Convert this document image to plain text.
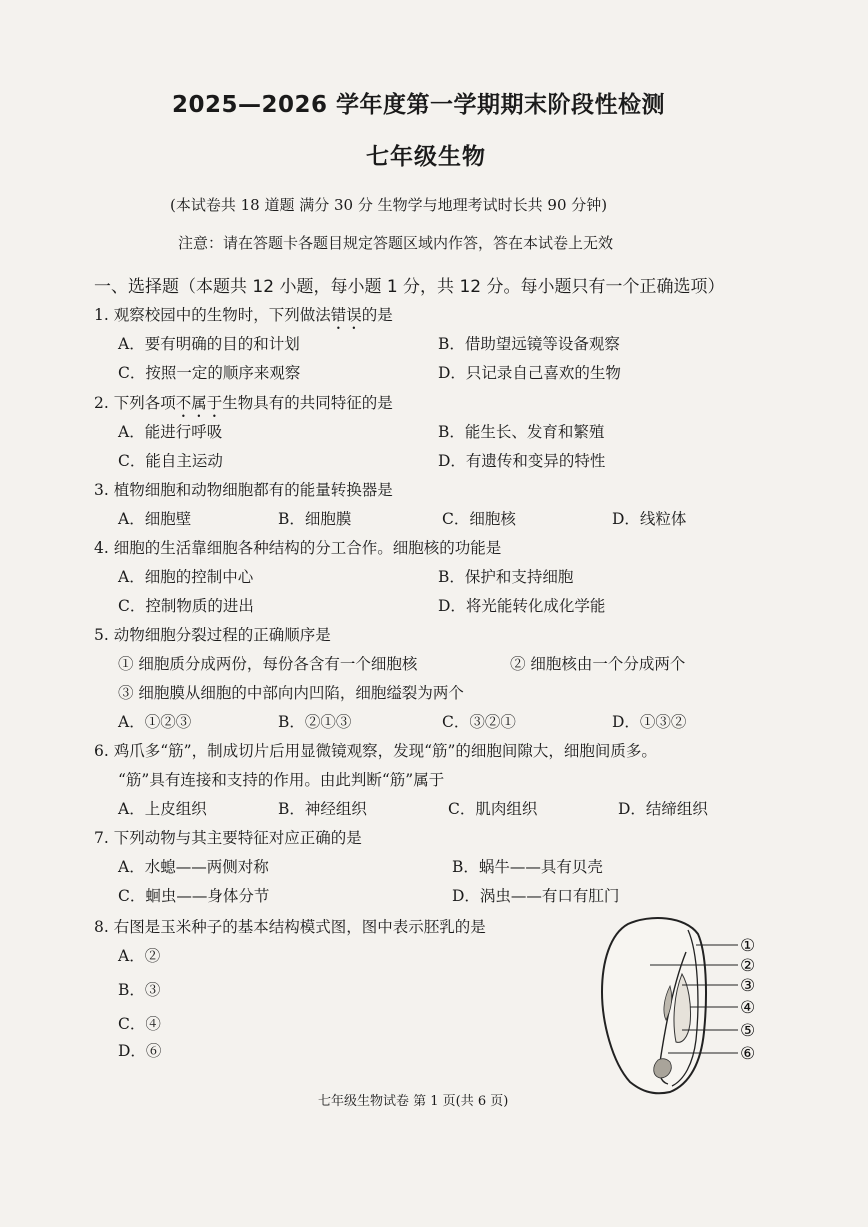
2025—2026 学年度第一学期期末阶段性检测
七年级生物
(本试卷共 18 道题 满分 30 分 生物学与地理考试时长共 90 分钟)
注意：请在答题卡各题目规定答题区域内作答，答在本试卷上无效
一、选择题（本题共 12 小题，每小题 1 分，共 12 分。每小题只有一个正确选项）
1. 观察校园中的生物时，下列做法错误的是
A．要有明确的目的和计划	B．借助望远镜等设备观察
C．按照一定的顺序来观察	D．只记录自己喜欢的生物
2. 下列各项不属于生物具有的共同特征的是
A．能进行呼吸	B．能生长、发育和繁殖
C．能自主运动	D．有遗传和变异的特性
3. 植物细胞和动物细胞都有的能量转换器是
A．细胞壁	B．细胞膜	C．细胞核	D．线粒体
4. 细胞的生活靠细胞各种结构的分工合作。细胞核的功能是
A．细胞的控制中心	B．保护和支持细胞
C．控制物质的进出	D．将光能转化成化学能
5. 动物细胞分裂过程的正确顺序是
① 细胞质分成两份，每份各含有一个细胞核	② 细胞核由一个分成两个
③ 细胞膜从细胞的中部向内凹陷，细胞缢裂为两个
A．①②③	B．②①③	C．③②①	D．①③②
6. 鸡爪多“筋”，制成切片后用显微镜观察，发现“筋”的细胞间隙大，细胞间质多。
“筋”具有连接和支持的作用。由此判断“筋”属于
A．上皮组织	B．神经组织	C．肌肉组织	D．结缔组织
7. 下列动物与其主要特征对应正确的是
A．水螅——两侧对称	B．蜗牛——具有贝壳
C．蛔虫——身体分节	D．涡虫——有口有肛门
8. 右图是玉米种子的基本结构模式图，图中表示胚乳的是
A．②
B．③
C．④
D．⑥
①
②
③
④
⑤
⑥
七年级生物试卷 第 1 页(共 6 页)
